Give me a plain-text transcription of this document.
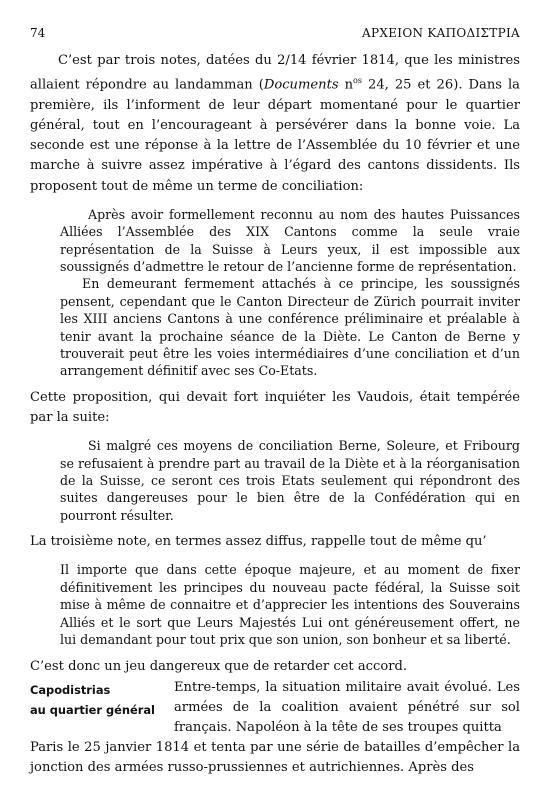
74	ΑΡΧΕΙΟΝ ΚΑΠΟΔΙΣΤΡΙΑ

C’est par trois notes, datées du 2/14 février 1814, que les ministres allaient répondre au landamman (Documents $n^{os}$ 24, 25 et 26). Dans la première, ils l’informent de leur départ momentané pour le quartier général, tout en l’encourageant à persévérer dans la bonne voie. La seconde est une réponse à la lettre de l’Assemblée du 10 février et une marche à suivre assez impérative à l’égard des cantons dissidents. Ils proposent tout de même un terme de conciliation:

Après avoir formellement reconnu au nom des hautes Puissances Alliées l’Assemblée des XIX Cantons comme la seule vraie représentation de la Suisse à Leurs yeux, il est impossible aux soussignés d’admettre le retour de l’ancienne forme de représentation.

En demeurant fermement attachés à ce principe, les soussignés pensent, cependant que le Canton Directeur de Zürich pourrait inviter les XIII anciens Cantons à une conférence préliminaire et préalable à tenir avant la prochaine séance de la Diète. Le Canton de Berne y trouverait peut être les voies intermédiaires d’une conciliation et d’un arrangement définitif avec ses Co-Etats.

Cette proposition, qui devait fort inquiéter les Vaudois, était tempérée par la suite:

Si malgré ces moyens de conciliation Berne, Soleure, et Fribourg se refusaient à prendre part au travail de la Diète et à la réorganisation de la Suisse, ce seront ces trois Etats seulement qui répondront des suites dangereuses pour le bien être de la Confédération qui en pourront résulter.

La troisième note, en termes assez diffus, rappelle tout de même qu’

Il importe que dans cette époque majeure, et au moment de fixer définitivement les principes du nouveau pacte fédéral, la Suisse soit mise à même de connaitre et d’apprecier les intentions des Souverains Alliés et le sort que Leurs Majestés Lui ont généreusement offert, ne lui demandant pour tout prix que son union, son bonheur et sa liberté.

C’est donc un jeu dangereux que de retarder cet accord.

Capodistrias
au quartier général

Entre-temps, la situation militaire avait évolué. Les armées de la coalition avaient pénétré sur sol français. Napoléon à la tête de ses troupes quitta

Paris le 25 janvier 1814 et tenta par une série de batailles d’empêcher la jonction des armées russo-prussiennes et autrichiennes. Après des
